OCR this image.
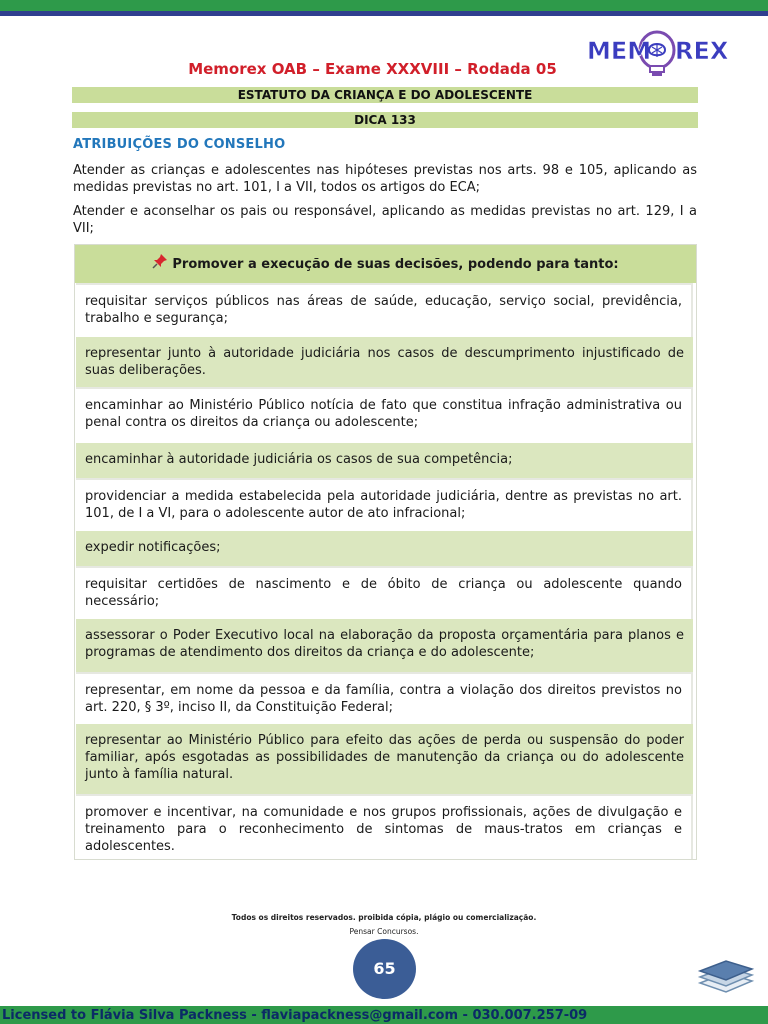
MEM REX
Memorex OAB – Exame XXXVIII – Rodada 05
ESTATUTO DA CRIANÇA E DO ADOLESCENTE
DICA 133
ATRIBUIÇÕES DO CONSELHO

Atender as crianças e adolescentes nas hipóteses previstas nos arts. 98 e 105, aplicando as medidas previstas no art. 101, I a VII, todos os artigos do ECA;

Atender e aconselhar os pais ou responsável, aplicando as medidas previstas no art. 129, I a VII;

Promover a execução de suas decisões, podendo para tanto:
requisitar serviços públicos nas áreas de saúde, educação, serviço social, previdência, trabalho e segurança;
representar junto à autoridade judiciária nos casos de descumprimento injustificado de suas deliberações.
encaminhar ao Ministério Público notícia de fato que constitua infração administrativa ou penal contra os direitos da criança ou adolescente;
encaminhar à autoridade judiciária os casos de sua competência;
providenciar a medida estabelecida pela autoridade judiciária, dentre as previstas no art. 101, de I a VI, para o adolescente autor de ato infracional;
expedir notificações;
requisitar certidões de nascimento e de óbito de criança ou adolescente quando necessário;
assessorar o Poder Executivo local na elaboração da proposta orçamentária para planos e programas de atendimento dos direitos da criança e do adolescente;
representar, em nome da pessoa e da família, contra a violação dos direitos previstos no art. 220, § 3º, inciso II, da Constituição Federal;
representar ao Ministério Público para efeito das ações de perda ou suspensão do poder familiar, após esgotadas as possibilidades de manutenção da criança ou do adolescente junto à família natural.
promover e incentivar, na comunidade e nos grupos profissionais, ações de divulgação e treinamento para o reconhecimento de sintomas de maus-tratos em crianças e adolescentes.
Todos os direitos reservados. proibida cópia, plágio ou comercialização.
Pensar Concursos.
65
Licensed to Flávia Silva Packness - flaviapackness@gmail.com - 030.007.257-09
